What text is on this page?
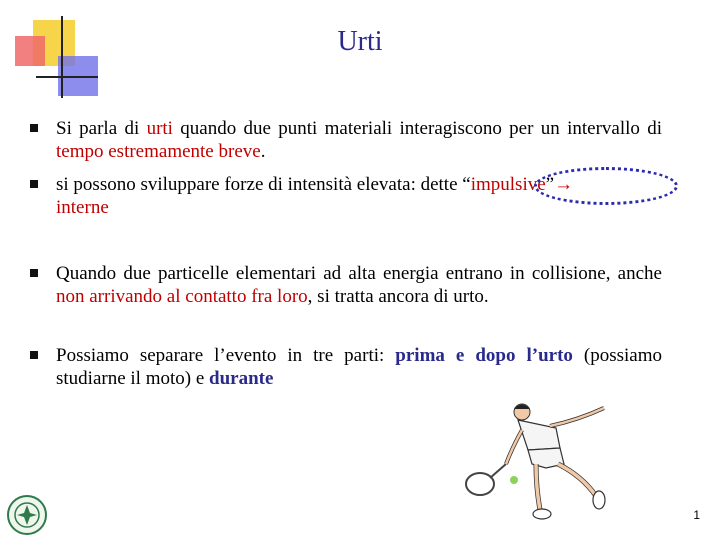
Urti
Si parla di urti quando due punti materiali interagiscono per un intervallo di tempo estremamente breve.
si possono sviluppare forze di intensità elevata: dette “impulsive”→
interne
Quando due particelle elementari ad alta energia entrano in collisione, anche non arrivando al contatto fra loro, si tratta ancora di urto.
Possiamo separare l’evento in tre parti: prima e dopo l’urto (possiamo studiarne il moto) e durante
1
